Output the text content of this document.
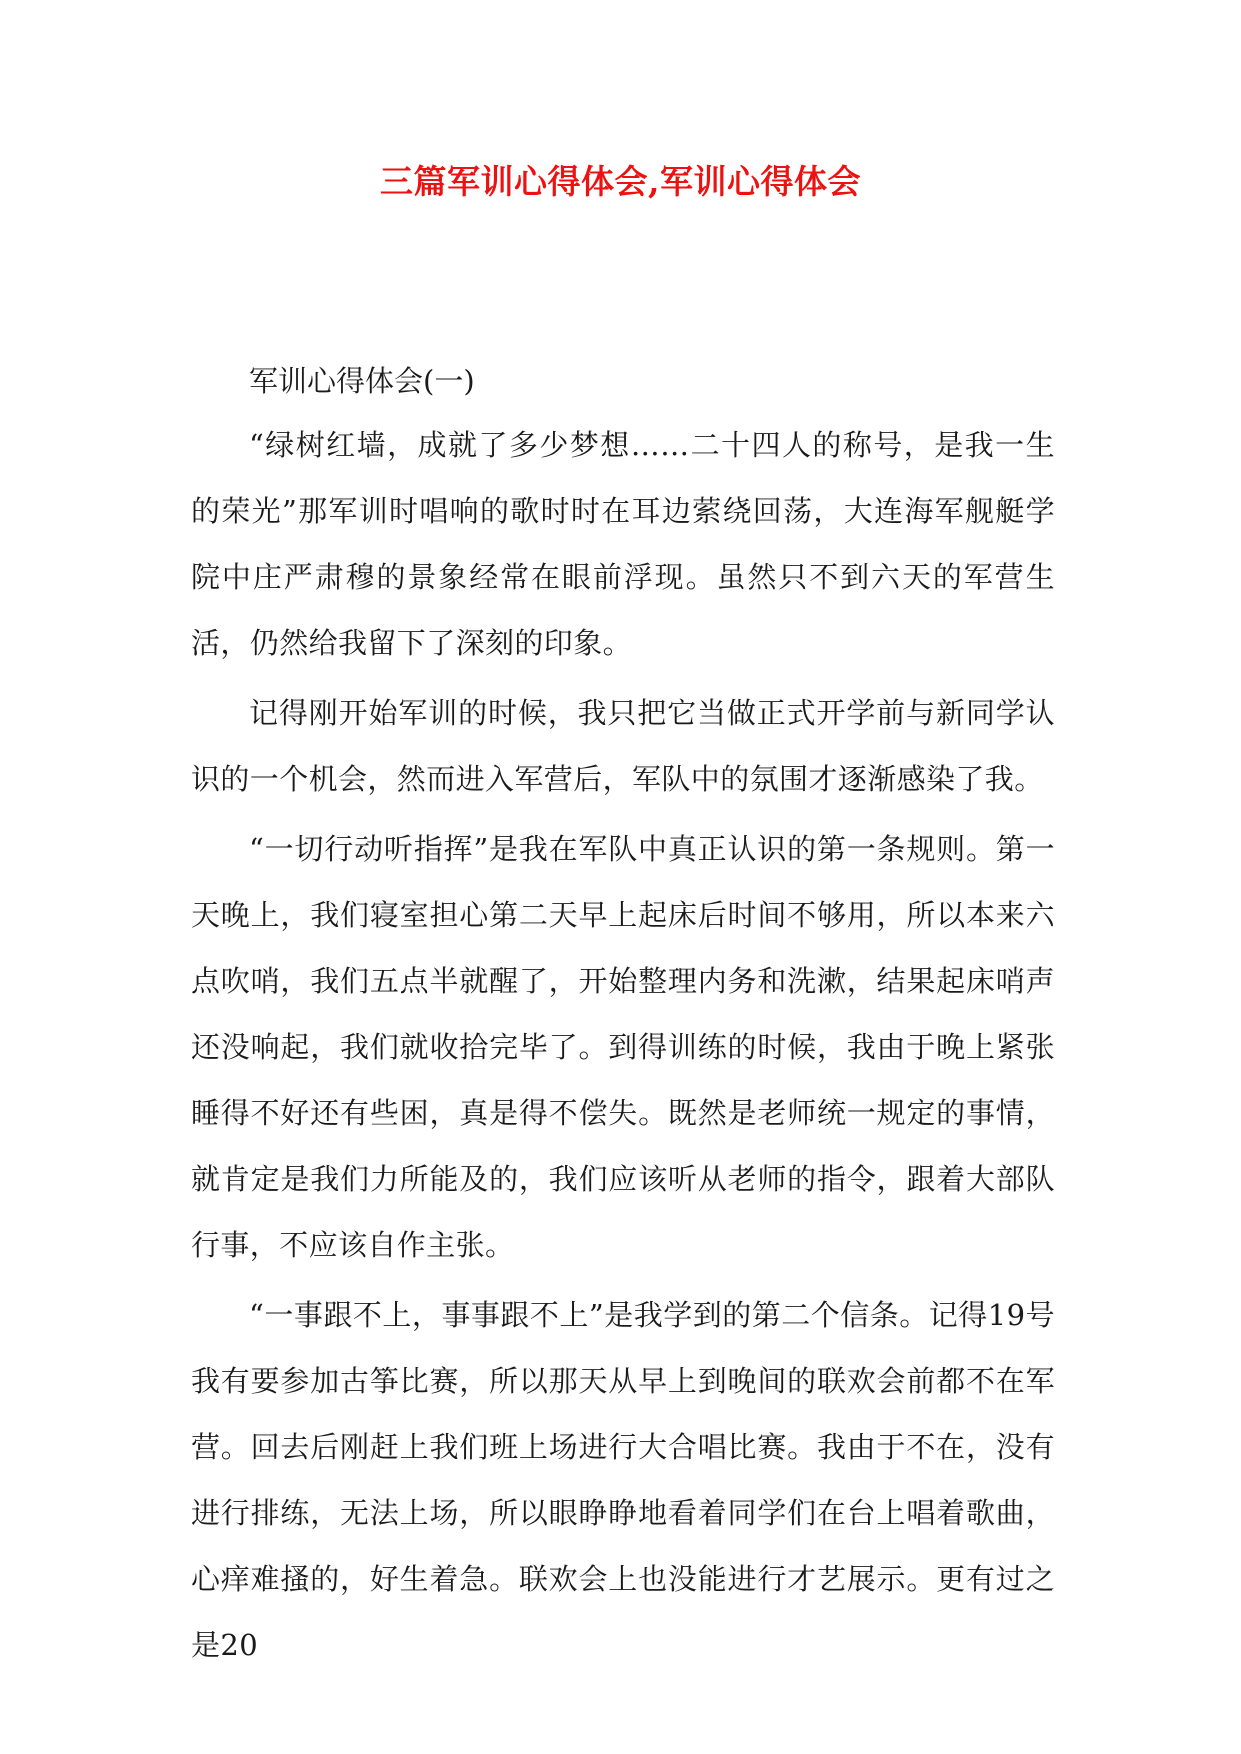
三篇军训心得体会,军训心得体会

军训心得体会(一)

“绿树红墙，成就了多少梦想……二十四人的称号，是我一生的荣光”那军训时唱响的歌时时在耳边萦绕回荡，大连海军舰艇学院中庄严肃穆的景象经常在眼前浮现。虽然只不到六天的军营生活，仍然给我留下了深刻的印象。

记得刚开始军训的时候，我只把它当做正式开学前与新同学认识的一个机会，然而进入军营后，军队中的氛围才逐渐感染了我。

“一切行动听指挥”是我在军队中真正认识的第一条规则。第一天晚上，我们寝室担心第二天早上起床后时间不够用，所以本来六点吹哨，我们五点半就醒了，开始整理内务和洗漱，结果起床哨声还没响起，我们就收拾完毕了。到得训练的时候，我由于晚上紧张睡得不好还有些困，真是得不偿失。既然是老师统一规定的事情，就肯定是我们力所能及的，我们应该听从老师的指令，跟着大部队行事，不应该自作主张。

“一事跟不上，事事跟不上”是我学到的第二个信条。记得19号我有要参加古筝比赛，所以那天从早上到晚间的联欢会前都不在军营。回去后刚赶上我们班上场进行大合唱比赛。我由于不在，没有进行排练，无法上场，所以眼睁睁地看着同学们在台上唱着歌曲，心痒难搔的，好生着急。联欢会上也没能进行才艺展示。更有过之是20
